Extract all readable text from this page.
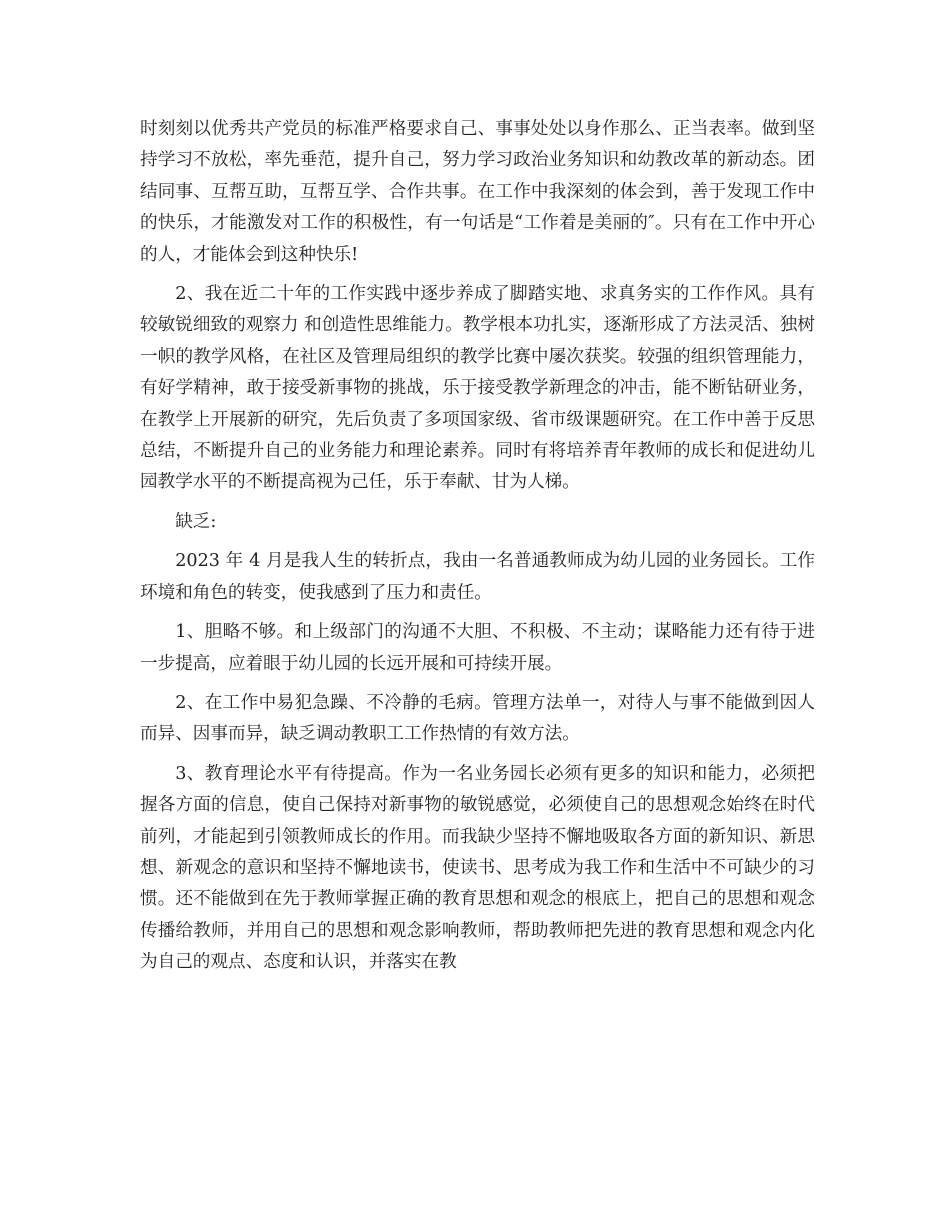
时刻刻以优秀共产党员的标准严格要求自己、事事处处以身作那么、正当表率。做到坚持学习不放松，率先垂范，提升自己，努力学习政治业务知识和幼教改革的新动态。团结同事、互帮互助，互帮互学、合作共事。在工作中我深刻的体会到，善于发现工作中的快乐，才能激发对工作的积极性，有一句话是“工作着是美丽的″。只有在工作中开心的人，才能体会到这种快乐!

2、我在近二十年的工作实践中逐步养成了脚踏实地、求真务实的工作作风。具有较敏锐细致的观察力 和创造性思维能力。教学根本功扎实，逐渐形成了方法灵活、独树一帜的教学风格，在社区及管理局组织的教学比赛中屡次获奖。较强的组织管理能力， 有好学精神，敢于接受新事物的挑战，乐于接受教学新理念的冲击，能不断钻研业务，在教学上开展新的研究，先后负责了多项国家级、省市级课题研究。在工作中善于反思总结，不断提升自己的业务能力和理论素养。同时有将培养青年教师的成长和促进幼儿园教学水平的不断提高视为己任，乐于奉献、甘为人梯。

缺乏:

2023 年 4 月是我人生的转折点，我由一名普通教师成为幼儿园的业务园长。工作环境和角色的转变，使我感到了压力和责任。

1、胆略不够。和上级部门的沟通不大胆、不积极、不主动；谋略能力还有待于进一步提高，应着眼于幼儿园的长远开展和可持续开展。

2、在工作中易犯急躁、不冷静的毛病。管理方法单一，对待人与事不能做到因人而异、因事而异，缺乏调动教职工工作热情的有效方法。

3、教育理论水平有待提高。作为一名业务园长必须有更多的知识和能力，必须把握各方面的信息，使自己保持对新事物的敏锐感觉，必须使自己的思想观念始终在时代前列，才能起到引领教师成长的作用。而我缺少坚持不懈地吸取各方面的新知识、新思想、新观念的意识和坚持不懈地读书，使读书、思考成为我工作和生活中不可缺少的习惯。还不能做到在先于教师掌握正确的教育思想和观念的根底上，把自己的思想和观念传播给教师，并用自己的思想和观念影响教师，帮助教师把先进的教育思想和观念内化为自己的观点、态度和认识，并落实在教
